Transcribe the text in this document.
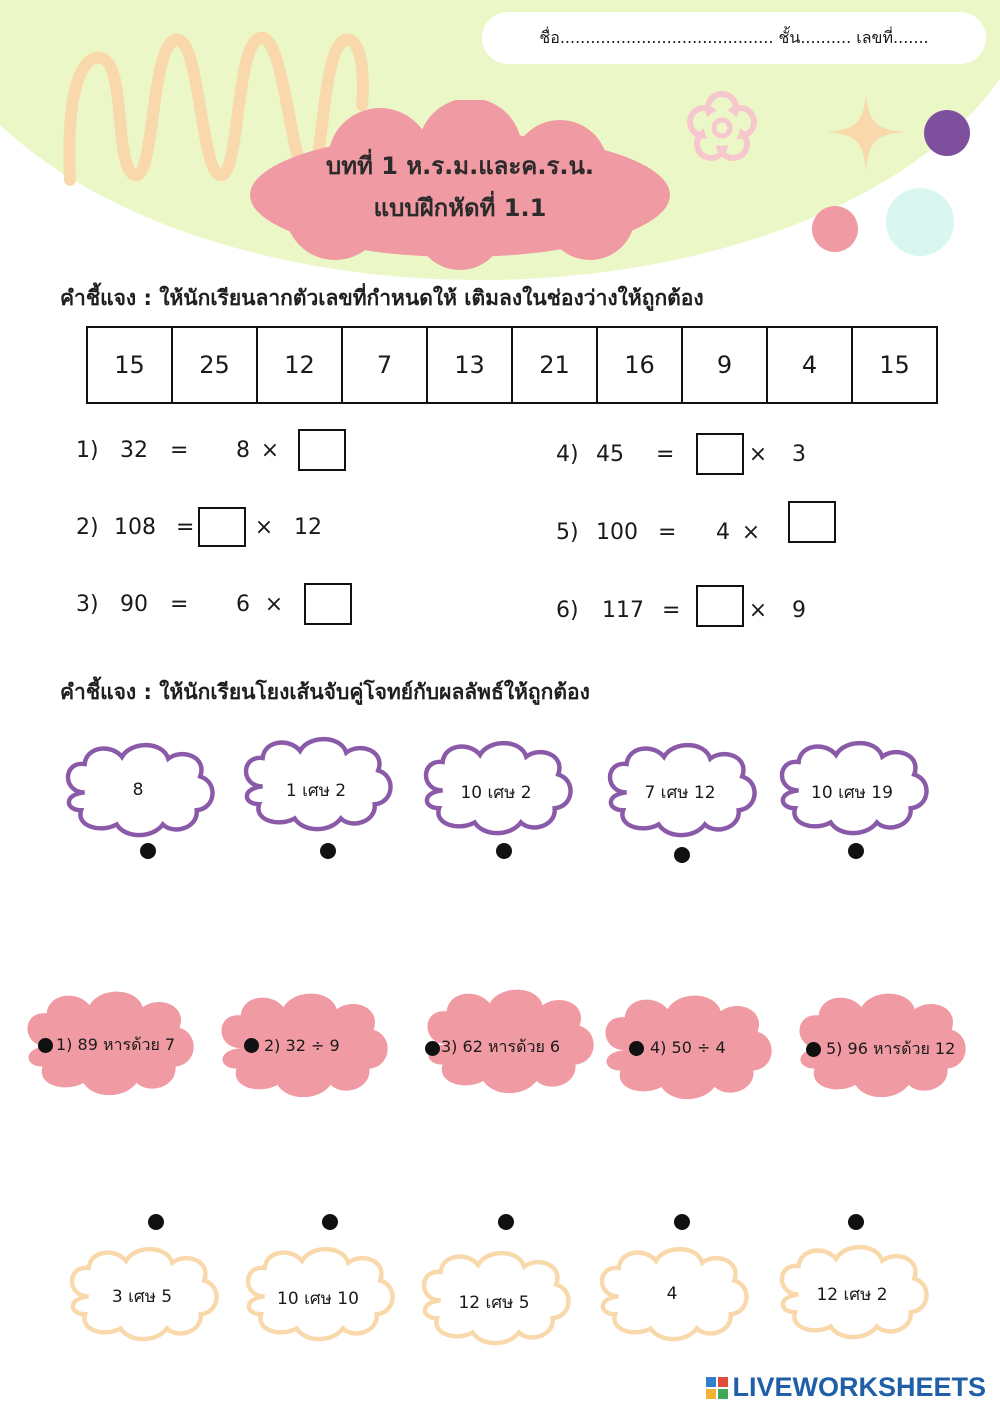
ชื่อ.......................................... ชั้น.......... เลขที่.......
บทที่ 1 ห.ร.ม.และค.ร.น.
แบบฝึกหัดที่ 1.1
คำชี้แจง : ให้นักเรียนลากตัวเลขที่กำหนดให้ เติมลงในช่องว่างให้ถูกต้อง
15	25	12	7	13	21	16	9	4	15
1) 32	=	8 ×
2) 108 =	× 12
3) 90	=	6 ×
4) 45	=	×	3
5) 100 =	4 ×
6)	117 =	×	9
คำชี้แจง : ให้นักเรียนโยงเส้นจับคู่โจทย์กับผลลัพธ์ให้ถูกต้อง
8	1 เศษ 2	10 เศษ 2	7 เศษ 12	10 เศษ 19
1) 89 หารด้วย 7	2) 32 ÷ 9	3) 62 หารด้วย 6	4) 50 ÷ 4	5) 96 หารด้วย 12
3 เศษ 5	10 เศษ 10	12 เศษ 5	4	12 เศษ 2
LIVEWORKSHEETS
